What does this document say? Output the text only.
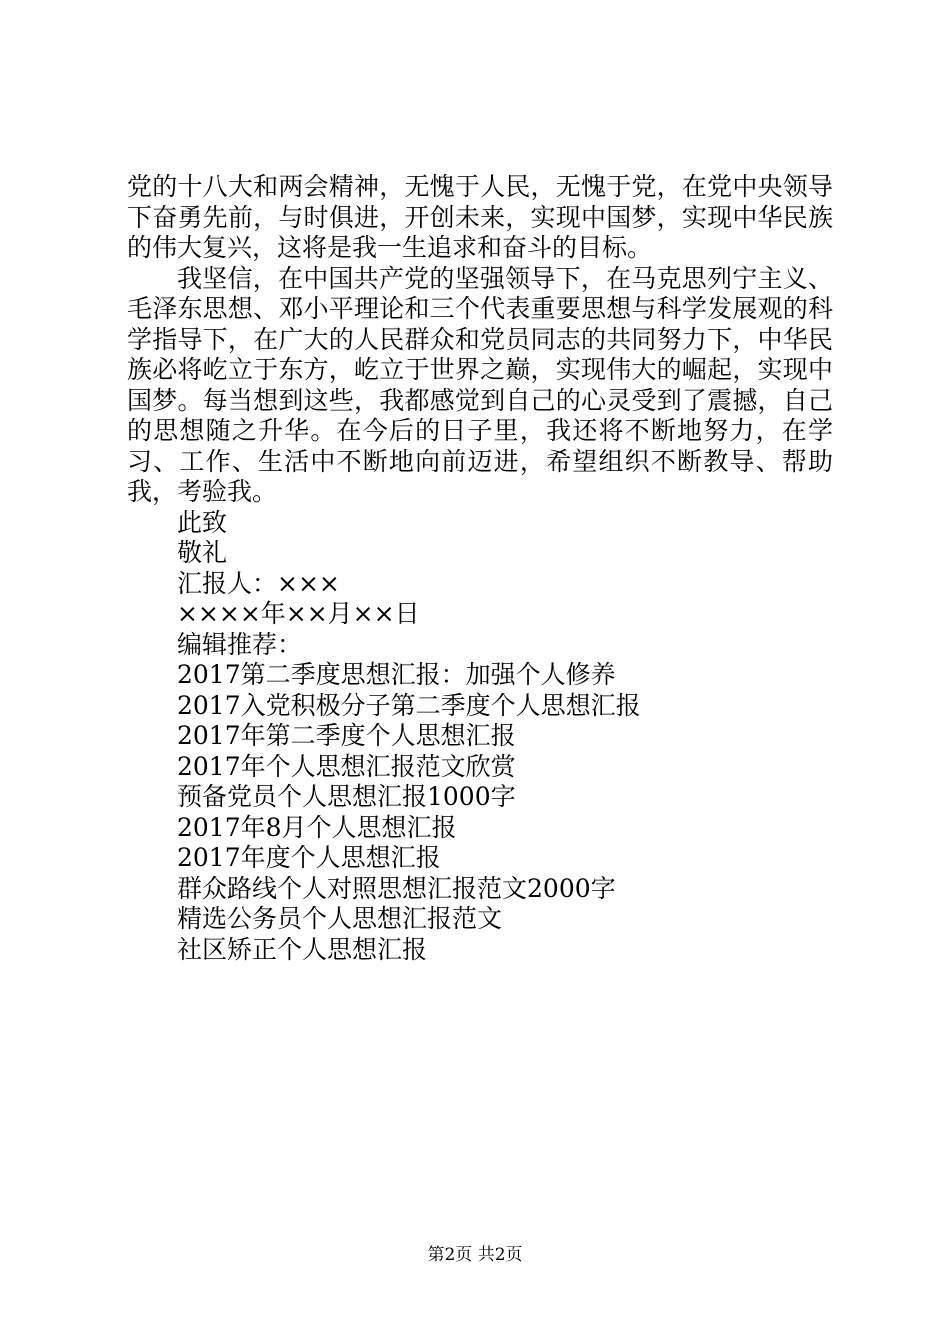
党的十八大和两会精神，无愧于人民，无愧于党，在党中央领导下奋勇先前，与时俱进，开创未来，实现中国梦，实现中华民族的伟大复兴，这将是我一生追求和奋斗的目标。

我坚信，在中国共产党的坚强领导下，在马克思列宁主义、毛泽东思想、邓小平理论和三个代表重要思想与科学发展观的科学指导下，在广大的人民群众和党员同志的共同努力下，中华民族必将屹立于东方，屹立于世界之巅，实现伟大的崛起，实现中国梦。每当想到这些，我都感觉到自己的心灵受到了震撼，自己的思想随之升华。在今后的日子里，我还将不断地努力，在学习、工作、生活中不断地向前迈进，希望组织不断教导、帮助我，考验我。

此致
敬礼
汇报人：×××
××××年××月××日
编辑推荐：
2017第二季度思想汇报：加强个人修养
2017入党积极分子第二季度个人思想汇报
2017年第二季度个人思想汇报
2017年个人思想汇报范文欣赏
预备党员个人思想汇报1000字
2017年8月个人思想汇报
2017年度个人思想汇报
群众路线个人对照思想汇报范文2000字
精选公务员个人思想汇报范文
社区矫正个人思想汇报
第2页 共2页
